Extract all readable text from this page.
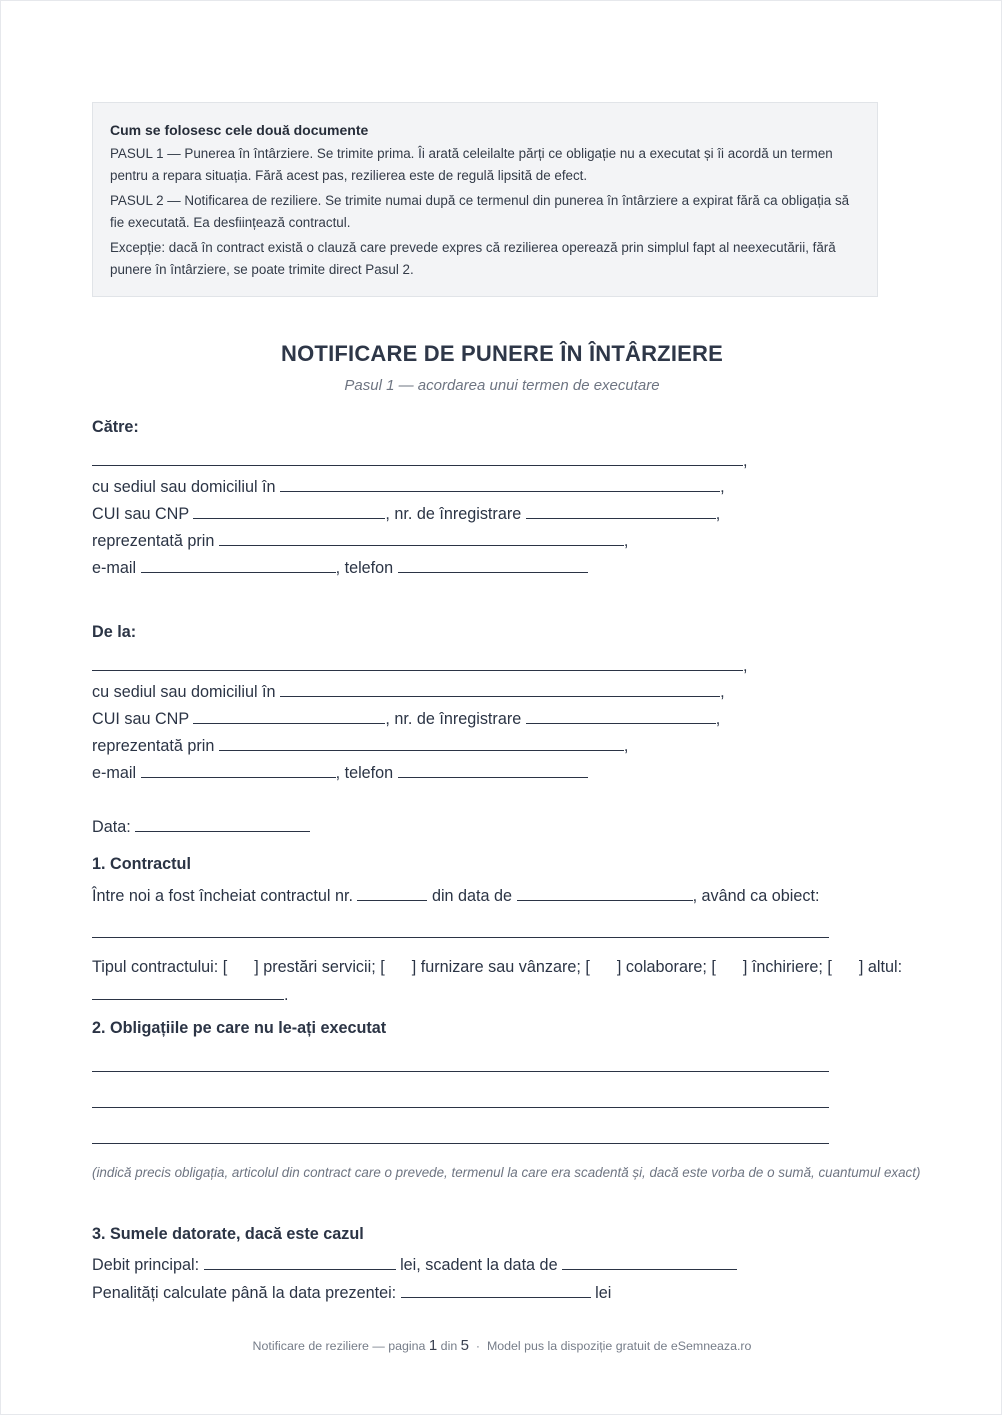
Cum se folosesc cele două documente

PASUL 1 — Punerea în întârziere. Se trimite prima. Îi arată celeilalte părți ce obligație nu a executat și îi acordă un termen pentru a repara situația. Fără acest pas, rezilierea este de regulă lipsită de efect.

PASUL 2 — Notificarea de reziliere. Se trimite numai după ce termenul din punerea în întârziere a expirat fără ca obligația să fie executată. Ea desființează contractul.

Excepție: dacă în contract există o clauză care prevede expres că rezilierea operează prin simplul fapt al neexecutării, fără punere în întârziere, se poate trimite direct Pasul 2.

NOTIFICARE DE PUNERE ÎN ÎNTÂRZIERE
Pasul 1 — acordarea unui termen de executare
Către:
,
cu sediul sau domiciliul în	,
CUI sau CNP	, nr. de înregistrare	,
reprezentată prin	,
e-mail	, telefon
De la:
,
cu sediul sau domiciliul în	,
CUI sau CNP	, nr. de înregistrare	,
reprezentată prin	,
e-mail	, telefon
Data:
1. Contractul
Între noi a fost încheiat contractul nr.	din data de	, având ca obiect:
Tipul contractului: [ ] prestări servicii; [ ] furnizare sau vânzare; [ ] colaborare; [ ] închiriere; [ ] altul:
.
2. Obligațiile pe care nu le-ați executat
(indică precis obligația, articolul din contract care o prevede, termenul la care era scadentă și, dacă este vorba de o sumă, cuantumul exact)
3. Sumele datorate, dacă este cazul
Debit principal:	lei, scadent la data de
Penalități calculate până la data prezentei:	lei
Notificare de reziliere — pagina 1 din 5 · Model pus la dispoziție gratuit de eSemneaza.ro
